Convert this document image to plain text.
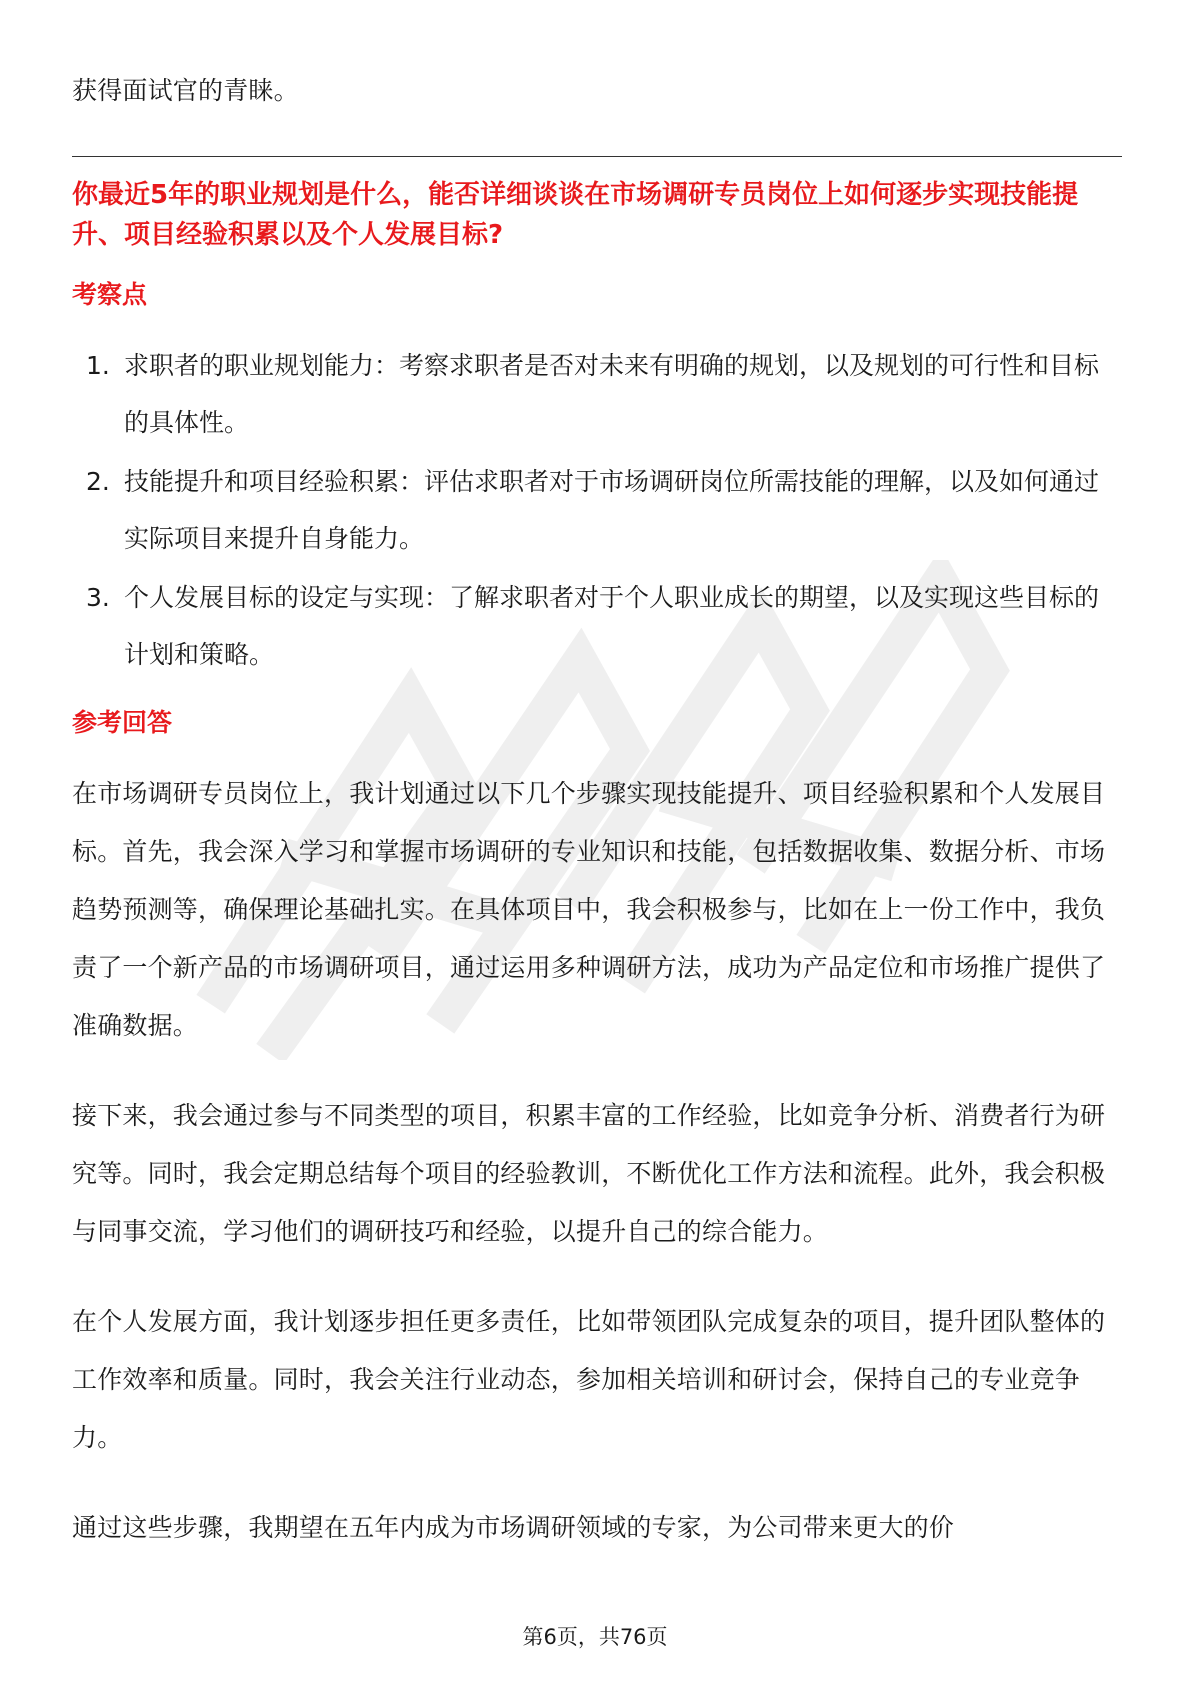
获得面试官的青睐。

你最近5年的职业规划是什么，能否详细谈谈在市场调研专员岗位上如何逐步实现技能提升、项目经验积累以及个人发展目标?
考察点
1. 求职者的职业规划能力：考察求职者是否对未来有明确的规划，以及规划的可行性和目标的具体性。
2. 技能提升和项目经验积累：评估求职者对于市场调研岗位所需技能的理解，以及如何通过实际项目来提升自身能力。
3. 个人发展目标的设定与实现：了解求职者对于个人职业成长的期望，以及实现这些目标的计划和策略。
参考回答

在市场调研专员岗位上，我计划通过以下几个步骤实现技能提升、项目经验积累和个人发展目标。首先，我会深入学习和掌握市场调研的专业知识和技能，包括数据收集、数据分析、市场趋势预测等，确保理论基础扎实。在具体项目中，我会积极参与，比如在上一份工作中，我负责了一个新产品的市场调研项目，通过运用多种调研方法，成功为产品定位和市场推广提供了准确数据。

接下来，我会通过参与不同类型的项目，积累丰富的工作经验，比如竞争分析、消费者行为研究等。同时，我会定期总结每个项目的经验教训，不断优化工作方法和流程。此外，我会积极与同事交流，学习他们的调研技巧和经验，以提升自己的综合能力。

在个人发展方面，我计划逐步担任更多责任，比如带领团队完成复杂的项目，提升团队整体的工作效率和质量。同时，我会关注行业动态，参加相关培训和研讨会，保持自己的专业竞争力。

通过这些步骤，我期望在五年内成为市场调研领域的专家，为公司带来更大的价

第6页，共76页
